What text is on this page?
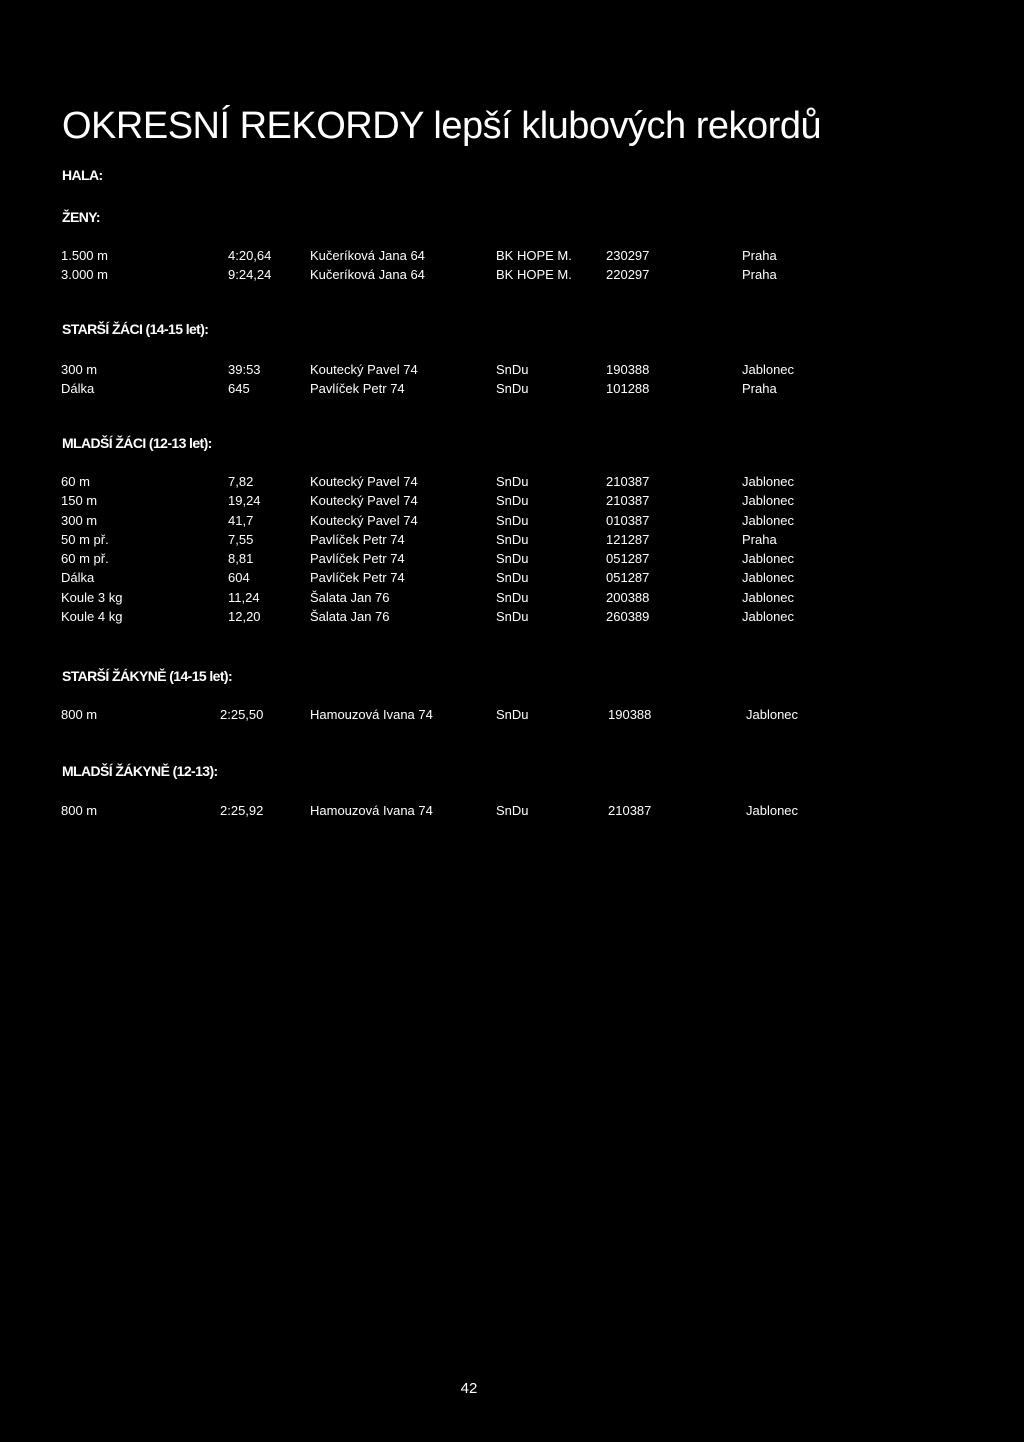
OKRESNÍ REKORDY lepší klubových rekordů
HALA:
ŽENY:
1.500 m	4:20,64	Kučeríková Jana 64	BK HOPE M.	230297	Praha
3.000 m	9:24,24	Kučeríková Jana 64	BK HOPE M.	220297	Praha
STARŠÍ ŽÁCI (14-15 let):
300 m	39:53	Koutecký Pavel 74	SnDu	190388	Jablonec
Dálka	645	Pavlíček Petr 74	SnDu	101288	Praha
MLADŠÍ ŽÁCI (12-13 let):
60 m	7,82	Koutecký Pavel 74	SnDu	210387	Jablonec
150 m	19,24	Koutecký Pavel 74	SnDu	210387	Jablonec
300 m	41,7	Koutecký Pavel 74	SnDu	010387	Jablonec
50 m př.	7,55	Pavlíček Petr 74	SnDu	121287	Praha
60 m př.	8,81	Pavlíček Petr 74	SnDu	051287	Jablonec
Dálka	604	Pavlíček Petr 74	SnDu	051287	Jablonec
Koule 3 kg	11,24	Šalata Jan 76	SnDu	200388	Jablonec
Koule 4 kg	12,20	Šalata Jan 76	SnDu	260389	Jablonec
STARŠÍ ŽÁKYNĚ (14-15 let):
800 m	2:25,50	Hamouzová Ivana 74	SnDu	190388	Jablonec
MLADŠÍ ŽÁKYNĚ (12-13):
800 m	2:25,92	Hamouzová Ivana 74	SnDu	210387	Jablonec
42
